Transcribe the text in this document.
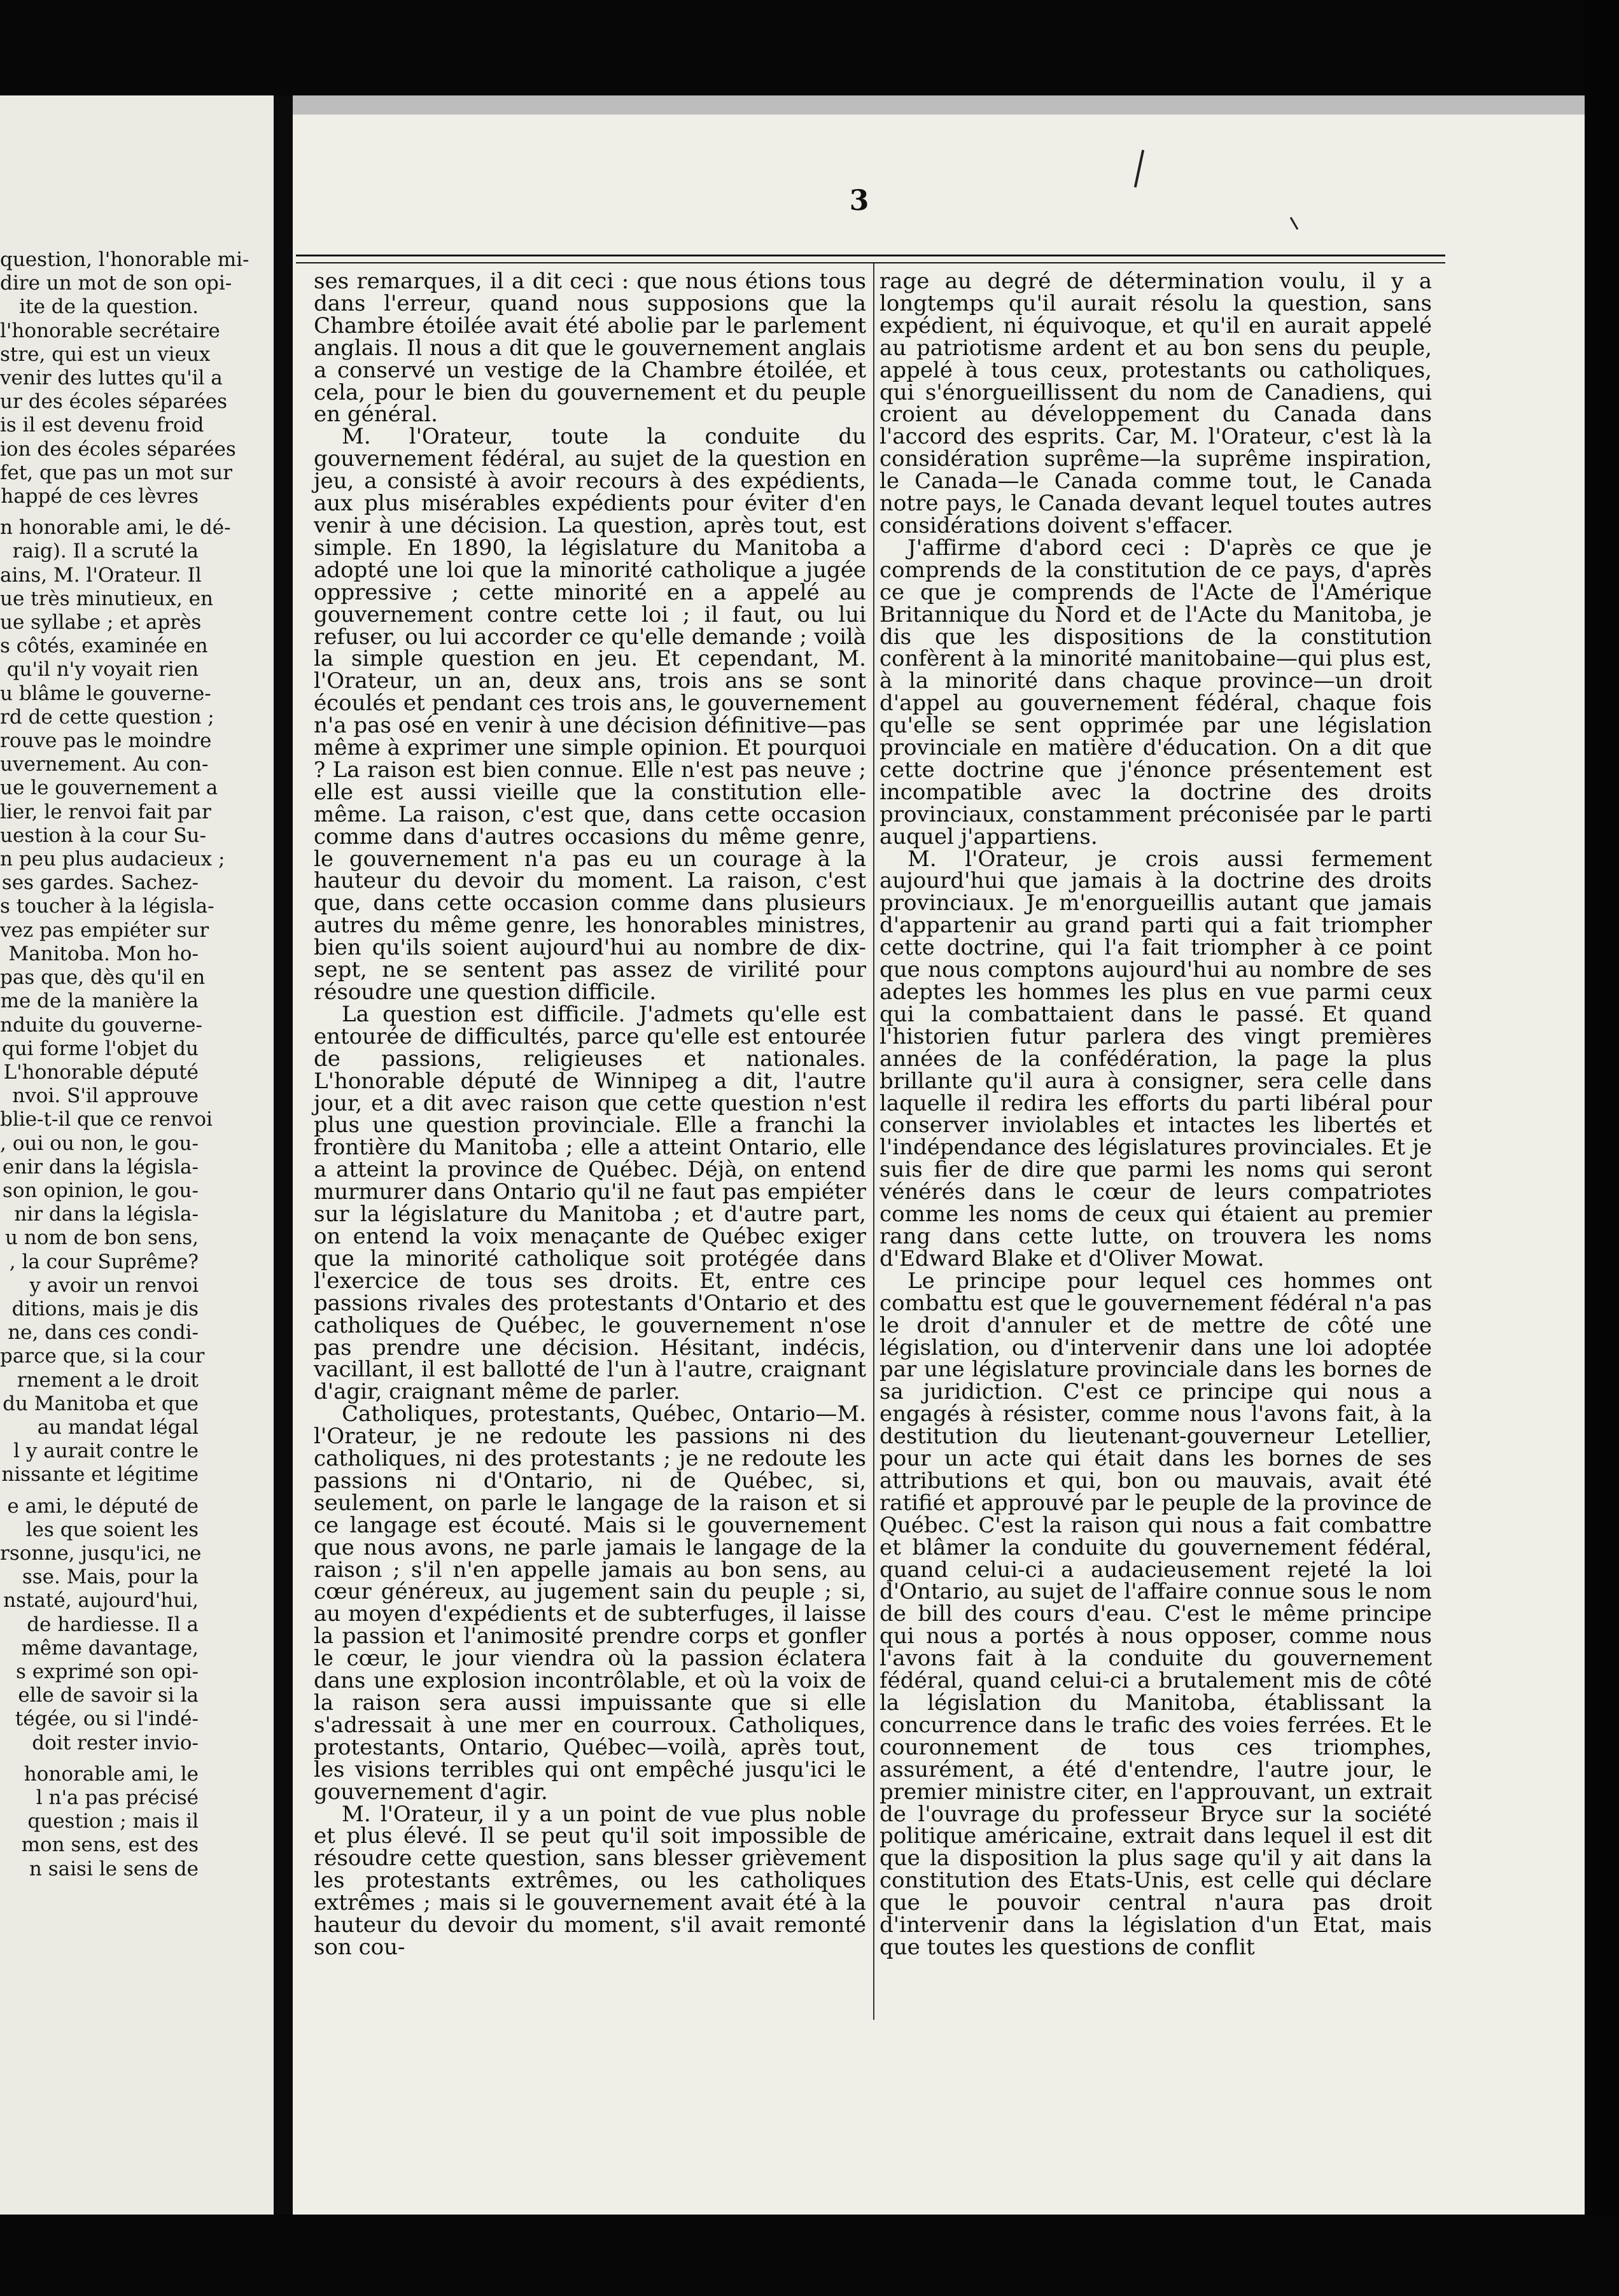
question, l'honorable mi-
dire un mot de son opi-
ite de la question.
l'honorable secrétaire
stre, qui est un vieux
venir des luttes qu'il a
ur des écoles séparées
is il est devenu froid
ion des écoles séparées
fet, que pas un mot sur
happé de ces lèvres

n honorable ami, le dé-
raig). Il a scruté la
ains, M. l'Orateur. Il
ue très minutieux, en
ue syllabe ; et après
s côtés, examinée en
qu'il n'y voyait rien
u blâme le gouverne-
rd de cette question ;
rouve pas le moindre
uvernement. Au con-
ue le gouvernement a
lier, le renvoi fait par
uestion à la cour Su-
n peu plus audacieux ;
ses gardes. Sachez-
s toucher à la législa-
vez pas empiéter sur
Manitoba. Mon ho-
pas que, dès qu'il en
me de la manière la
nduite du gouverne-
qui forme l'objet du
L'honorable député
nvoi. S'il approuve
blie-t-il que ce renvoi
, oui ou non, le gou-
enir dans la législa-
son opinion, le gou-
nir dans la législa-
u nom de bon sens,
, la cour Suprême?
y avoir un renvoi
ditions, mais je dis
ne, dans ces condi-
parce que, si la cour
rnement a le droit
du Manitoba et que
au mandat légal
l y aurait contre le
nissante et légitime

e ami, le député de
les que soient les
rsonne, jusqu'ici, ne
sse. Mais, pour la
nstaté, aujourd'hui,
de hardiesse. Il a
même davantage,
s exprimé son opi-
elle de savoir si la
tégée, ou si l'indé-
doit rester invio-

honorable ami, le
l n'a pas précisé
question ; mais il
mon sens, est des
n saisi le sens de

3

ses remarques, il a dit ceci : que nous étions tous dans l'erreur, quand nous supposions que la Chambre étoilée avait été abolie par le parlement anglais. Il nous a dit que le gouvernement anglais a conservé un vestige de la Chambre étoilée, et cela, pour le bien du gouvernement et du peuple en général.

M. l'Orateur, toute la conduite du gouvernement fédéral, au sujet de la question en jeu, a consisté à avoir recours à des expédients, aux plus misérables expédients pour éviter d'en venir à une décision. La question, après tout, est simple. En 1890, la législature du Manitoba a adopté une loi que la minorité catholique a jugée oppressive ; cette minorité en a appelé au gouvernement contre cette loi ; il faut, ou lui refuser, ou lui accorder ce qu'elle demande ; voilà la simple question en jeu. Et cependant, M. l'Orateur, un an, deux ans, trois ans se sont écoulés et pendant ces trois ans, le gouvernement n'a pas osé en venir à une décision définitive—pas même à exprimer une simple opinion. Et pourquoi ? La raison est bien connue. Elle n'est pas neuve ; elle est aussi vieille que la constitution elle-même. La raison, c'est que, dans cette occasion comme dans d'autres occasions du même genre, le gouvernement n'a pas eu un courage à la hauteur du devoir du moment. La raison, c'est que, dans cette occasion comme dans plusieurs autres du même genre, les honorables ministres, bien qu'ils soient aujourd'hui au nombre de dix-sept, ne se sentent pas assez de virilité pour résoudre une question difficile.

La question est difficile. J'admets qu'elle est entourée de difficultés, parce qu'elle est entourée de passions, religieuses et nationales. L'honorable député de Winnipeg a dit, l'autre jour, et a dit avec raison que cette question n'est plus une question provinciale. Elle a franchi la frontière du Manitoba ; elle a atteint Ontario, elle a atteint la province de Québec. Déjà, on entend murmurer dans Ontario qu'il ne faut pas empiéter sur la législature du Manitoba ; et d'autre part, on entend la voix menaçante de Québec exiger que la minorité catholique soit protégée dans l'exercice de tous ses droits. Et, entre ces passions rivales des protestants d'Ontario et des catholiques de Québec, le gouvernement n'ose pas prendre une décision. Hésitant, indécis, vacillant, il est ballotté de l'un à l'autre, craignant d'agir, craignant même de parler.

Catholiques, protestants, Québec, Ontario—M. l'Orateur, je ne redoute les passions ni des catholiques, ni des protestants ; je ne redoute les passions ni d'Ontario, ni de Québec, si, seulement, on parle le langage de la raison et si ce langage est écouté. Mais si le gouvernement que nous avons, ne parle jamais le langage de la raison ; s'il n'en appelle jamais au bon sens, au cœur généreux, au jugement sain du peuple ; si, au moyen d'expédients et de subterfuges, il laisse la passion et l'animosité prendre corps et gonfler le cœur, le jour viendra où la passion éclatera dans une explosion incontrôlable, et où la voix de la raison sera aussi impuissante que si elle s'adressait à une mer en courroux. Catholiques, protestants, Ontario, Québec—voilà, après tout, les visions terribles qui ont empêché jusqu'ici le gouvernement d'agir.

M. l'Orateur, il y a un point de vue plus noble et plus élevé. Il se peut qu'il soit impossible de résoudre cette question, sans blesser grièvement les protestants extrêmes, ou les catholiques extrêmes ; mais si le gouvernement avait été à la hauteur du devoir du moment, s'il avait remonté son cou-

rage au degré de détermination voulu, il y a longtemps qu'il aurait résolu la question, sans expédient, ni équivoque, et qu'il en aurait appelé au patriotisme ardent et au bon sens du peuple, appelé à tous ceux, protestants ou catholiques, qui s'énorgueillissent du nom de Canadiens, qui croient au développement du Canada dans l'accord des esprits. Car, M. l'Orateur, c'est là la considération suprême—la suprême inspiration, le Canada—le Canada comme tout, le Canada notre pays, le Canada devant lequel toutes autres considérations doivent s'effacer.

J'affirme d'abord ceci : D'après ce que je comprends de la constitution de ce pays, d'après ce que je comprends de l'Acte de l'Amérique Britannique du Nord et de l'Acte du Manitoba, je dis que les dispositions de la constitution confèrent à la minorité manitobaine—qui plus est, à la minorité dans chaque province—un droit d'appel au gouvernement fédéral, chaque fois qu'elle se sent opprimée par une législation provinciale en matière d'éducation. On a dit que cette doctrine que j'énonce présentement est incompatible avec la doctrine des droits provinciaux, constamment préconisée par le parti auquel j'appartiens.

M. l'Orateur, je crois aussi fermement aujourd'hui que jamais à la doctrine des droits provinciaux. Je m'enorgueillis autant que jamais d'appartenir au grand parti qui a fait triompher cette doctrine, qui l'a fait triompher à ce point que nous comptons aujourd'hui au nombre de ses adeptes les hommes les plus en vue parmi ceux qui la combattaient dans le passé. Et quand l'historien futur parlera des vingt premières années de la confédération, la page la plus brillante qu'il aura à consigner, sera celle dans laquelle il redira les efforts du parti libéral pour conserver inviolables et intactes les libertés et l'indépendance des législatures provinciales. Et je suis fier de dire que parmi les noms qui seront vénérés dans le cœur de leurs compatriotes comme les noms de ceux qui étaient au premier rang dans cette lutte, on trouvera les noms d'Edward Blake et d'Oliver Mowat.

Le principe pour lequel ces hommes ont combattu est que le gouvernement fédéral n'a pas le droit d'annuler et de mettre de côté une législation, ou d'intervenir dans une loi adoptée par une législature provinciale dans les bornes de sa juridiction. C'est ce principe qui nous a engagés à résister, comme nous l'avons fait, à la destitution du lieutenant-gouverneur Letellier, pour un acte qui était dans les bornes de ses attributions et qui, bon ou mauvais, avait été ratifié et approuvé par le peuple de la province de Québec. C'est la raison qui nous a fait combattre et blâmer la conduite du gouvernement fédéral, quand celui-ci a audacieusement rejeté la loi d'Ontario, au sujet de l'affaire connue sous le nom de bill des cours d'eau. C'est le même principe qui nous a portés à nous opposer, comme nous l'avons fait à la conduite du gouvernement fédéral, quand celui-ci a brutalement mis de côté la législation du Manitoba, établissant la concurrence dans le trafic des voies ferrées. Et le couronnement de tous ces triomphes, assurément, a été d'entendre, l'autre jour, le premier ministre citer, en l'approuvant, un extrait de l'ouvrage du professeur Bryce sur la société politique américaine, extrait dans lequel il est dit que la disposition la plus sage qu'il y ait dans la constitution des Etats-Unis, est celle qui déclare que le pouvoir central n'aura pas droit d'intervenir dans la législation d'un Etat, mais que toutes les questions de conflit
